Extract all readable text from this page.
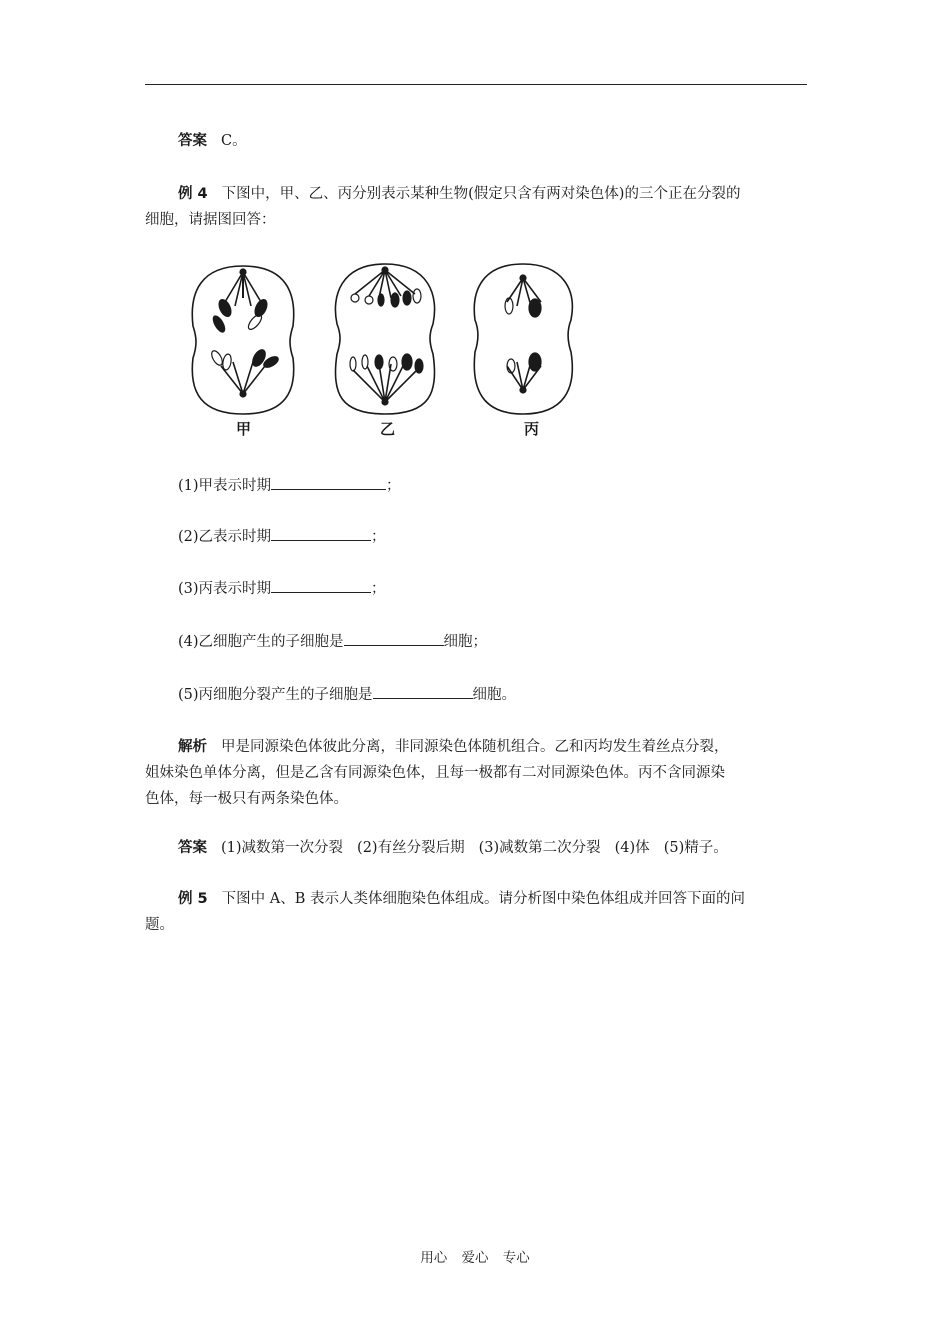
答案 C。
例 4 下图中，甲、乙、丙分别表示某种生物(假定只含有两对染色体)的三个正在分裂的
细胞，请据图回答：
甲	乙	丙
(1)甲表示时期	；
(2)乙表示时期	；
(3)丙表示时期	；
(4)乙细胞产生的子细胞是	细胞；
(5)丙细胞分裂产生的子细胞是	细胞。
解析 甲是同源染色体彼此分离，非同源染色体随机组合。乙和丙均发生着丝点分裂，
姐妹染色单体分离，但是乙含有同源染色体，且每一极都有二对同源染色体。丙不含同源染
色体，每一极只有两条染色体。
答案 (1)减数第一次分裂 (2)有丝分裂后期 (3)减数第二次分裂 (4)体 (5)精子。
例 5 下图中 A、B 表示人类体细胞染色体组成。请分析图中染色体组成并回答下面的问
题。
用心 爱心 专心
